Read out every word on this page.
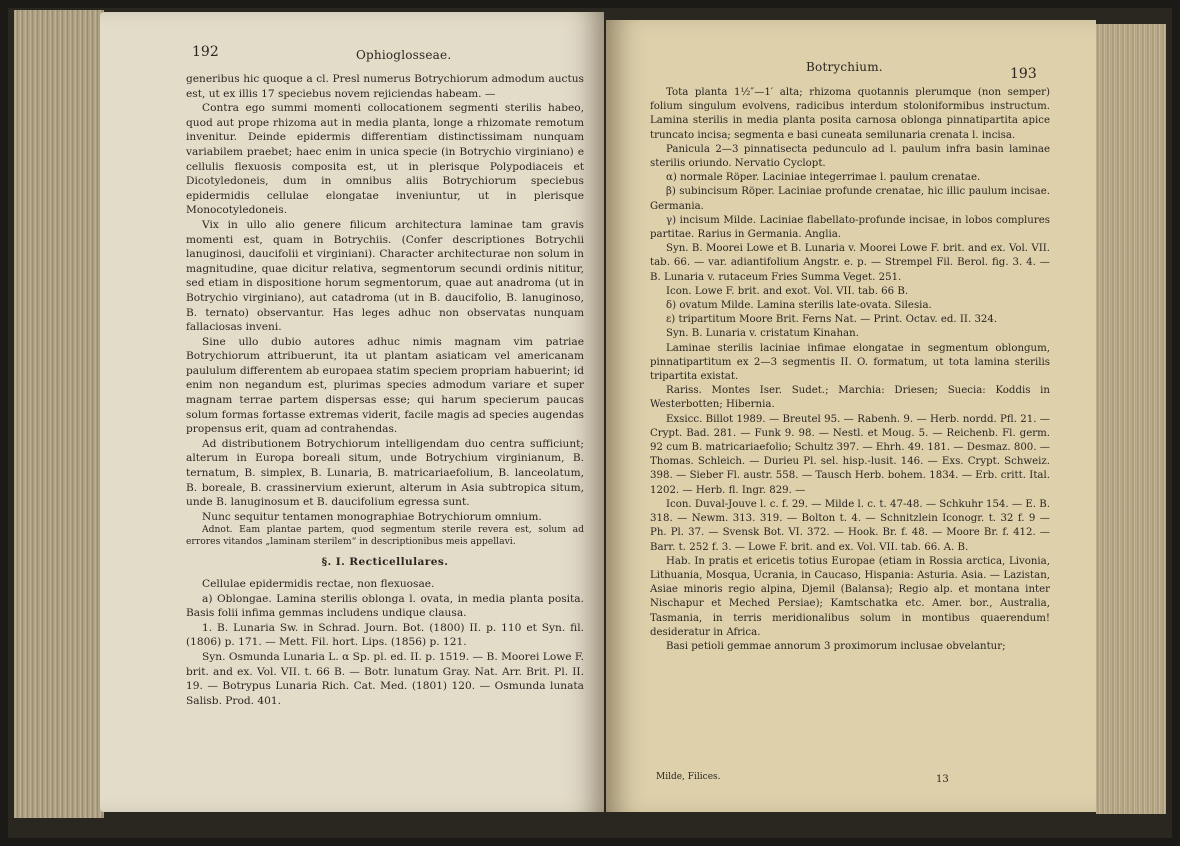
192	Ophioglosseae.

generibus hic quoque a cl. Presl numerus Botrychiorum admodum auctus est, ut ex illis 17 speciebus novem rejiciendas habeam. —

Contra ego summi momenti collocationem segmenti sterilis habeo, quod aut prope rhizoma aut in media planta, longe a rhizomate remotum invenitur. Deinde epidermis differentiam distinctissimam nunquam variabilem praebet; haec enim in unica specie (in Botrychio virginiano) e cellulis flexuosis composita est, ut in plerisque Polypodiaceis et Dicotyledoneis, dum in omnibus aliis Botrychiorum speciebus epidermidis cellulae elongatae inveniuntur, ut in plerisque Monocotyledoneis.

Vix in ullo alio genere filicum architectura laminae tam gravis momenti est, quam in Botrychiis. (Confer descriptiones Botrychii lanuginosi, daucifolii et virginiani). Character architecturae non solum in magnitudine, quae dicitur relativa, segmentorum secundi ordinis nititur, sed etiam in dispositione horum segmentorum, quae aut anadroma (ut in Botrychio virginiano), aut catadroma (ut in B. daucifolio, B. lanuginoso, B. ternato) observantur. Has leges adhuc non observatas nunquam fallaciosas inveni.

Sine ullo dubio autores adhuc nimis magnam vim patriae Botrychiorum attribuerunt, ita ut plantam asiaticam vel americanam paululum differentem ab europaea statim speciem propriam habuerint; id enim non negandum est, plurimas species admodum variare et super magnam terrae partem dispersas esse; qui harum specierum paucas solum formas fortasse extremas viderit, facile magis ad species augendas propensus erit, quam ad contrahendas.

Ad distributionem Botrychiorum intelligendam duo centra sufficiunt; alterum in Europa boreali situm, unde Botrychium virginianum, B. ternatum, B. simplex, B. Lunaria, B. matricariaefolium, B. lanceolatum, B. boreale, B. crassinervium exierunt, alterum in Asia subtropica situm, unde B. lanuginosum et B. daucifolium egressa sunt.

Nunc sequitur tentamen monographiae Botrychiorum omnium.

Adnot. Eam plantae partem, quod segmentum sterile revera est, solum ad errores vitandos „laminam sterilem“ in descriptionibus meis appellavi.

§. I. Recticellulares.

Cellulae epidermidis rectae, non flexuosae.

a) Oblongae. Lamina sterilis oblonga l. ovata, in media planta posita. Basis folii infima gemmas includens undique clausa.

1. B. Lunaria Sw. in Schrad. Journ. Bot. (1800) II. p. 110 et Syn. fil. (1806) p. 171. — Mett. Fil. hort. Lips. (1856) p. 121.

Syn. Osmunda Lunaria L. α Sp. pl. ed. II. p. 1519. — B. Moorei Lowe F. brit. and ex. Vol. VII. t. 66 B. — Botr. lunatum Gray. Nat. Arr. Brit. Pl. II. 19. — Botrypus Lunaria Rich. Cat. Med. (1801) 120. — Osmunda lunata Salisb. Prod. 401.

Botrychium.	193

Tota planta 1½″—1′ alta; rhizoma quotannis plerumque (non semper) folium singulum evolvens, radicibus interdum stoloniformibus instructum. Lamina sterilis in media planta posita carnosa oblonga pinnatipartita apice truncato incisa; segmenta e basi cuneata semilunaria crenata l. incisa.

Panicula 2—3 pinnatisecta pedunculo ad l. paulum infra basin laminae sterilis oriundo. Nervatio Cyclopt.

α) normale Röper. Laciniae integerrimae l. paulum crenatae.

β) subincisum Röper. Laciniae profunde crenatae, hic illic paulum incisae. Germania.

γ) incisum Milde. Laciniae flabellato-profunde incisae, in lobos complures partitae. Rarius in Germania. Anglia.

Syn. B. Moorei Lowe et B. Lunaria v. Moorei Lowe F. brit. and ex. Vol. VII. tab. 66. — var. adiantifolium Angstr. e. p. — Strempel Fil. Berol. fig. 3. 4. — B. Lunaria v. rutaceum Fries Summa Veget. 251.

Icon. Lowe F. brit. and exot. Vol. VII. tab. 66 B.

δ) ovatum Milde. Lamina sterilis late-ovata. Silesia.

ε) tripartitum Moore Brit. Ferns Nat. — Print. Octav. ed. II. 324.

Syn. B. Lunaria v. cristatum Kinahan.

Laminae sterilis laciniae infimae elongatae in segmentum oblongum, pinnatipartitum ex 2—3 segmentis II. O. formatum, ut tota lamina sterilis tripartita existat.

Rariss. Montes Iser. Sudet.; Marchia: Driesen; Suecia: Koddis in Westerbotten; Hibernia.

Exsicc. Billot 1989. — Breutel 95. — Rabenh. 9. — Herb. nordd. Pfl. 21. — Crypt. Bad. 281. — Funk 9. 98. — Nestl. et Moug. 5. — Reichenb. Fl. germ. 92 cum B. matricariaefolio; Schultz 397. — Ehrh. 49. 181. — Desmaz. 800. — Thomas. Schleich. — Durieu Pl. sel. hisp.-lusit. 146. — Exs. Crypt. Schweiz. 398. — Sieber Fl. austr. 558. — Tausch Herb. bohem. 1834. — Erb. critt. Ital. 1202. — Herb. fl. Ingr. 829. —

Icon. Duval-Jouve l. c. f. 29. — Milde l. c. t. 47-48. — Schkuhr 154. — E. B. 318. — Newm. 313. 319. — Bolton t. 4. — Schnitzlein Iconogr. t. 32 f. 9 — Ph. Pl. 37. — Svensk Bot. VI. 372. — Hook. Br. f. 48. — Moore Br. f. 412. — Barr. t. 252 f. 3. — Lowe F. brit. and ex. Vol. VII. tab. 66. A. B.

Hab. In pratis et ericetis totius Europae (etiam in Rossia arctica, Livonia, Lithuania, Mosqua, Ucrania, in Caucaso, Hispania: Asturia. Asia. — Lazistan, Asiae minoris regio alpina, Djemil (Balansa); Regio alp. et montana inter Nischapur et Meched Persiae); Kamtschatka etc. Amer. bor., Australia, Tasmania, in terris meridionalibus solum in montibus quaerendum! desideratur in Africa.

Basi petioli gemmae annorum 3 proximorum inclusae obvelantur;

Milde, Filices.	13
